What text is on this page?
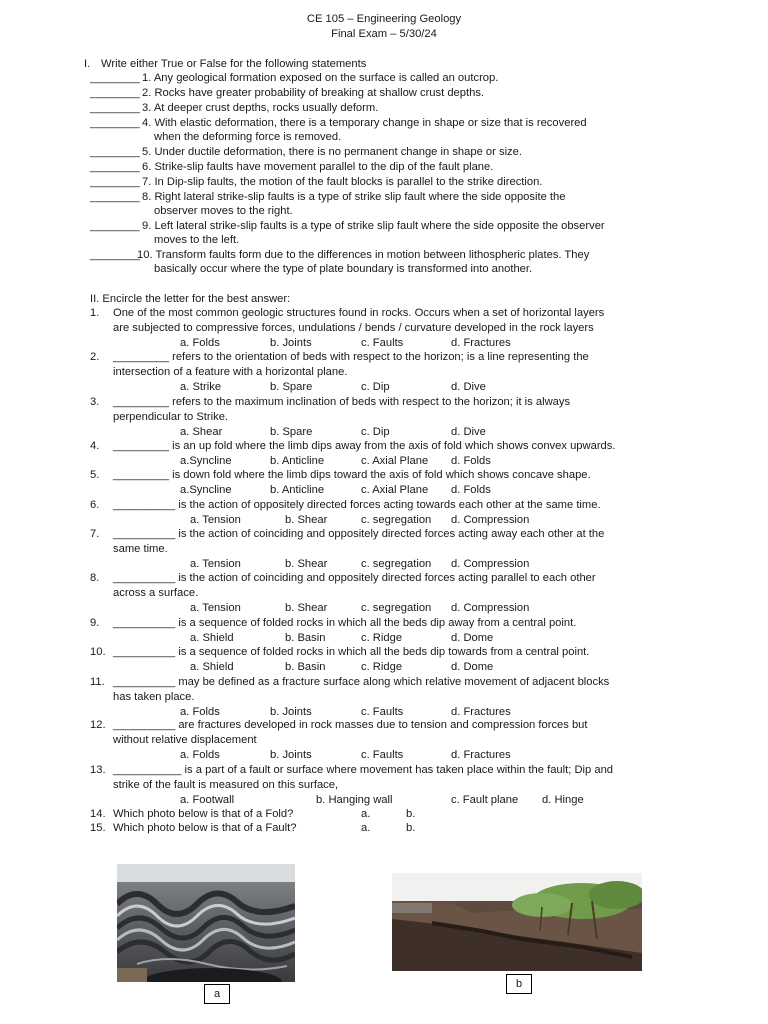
CE 105 – Engineering Geology
Final Exam – 5/30/24
I. Write either True or False for the following statements
________ 1. Any geological formation exposed on the surface is called an outcrop.
________ 2. Rocks have greater probability of breaking at shallow crust depths.
________ 3. At deeper crust depths, rocks usually deform.
________ 4. With elastic deformation, there is a temporary change in shape or size that is recovered
when the deforming force is removed.
________ 5. Under ductile deformation, there is no permanent change in shape or size.
________ 6. Strike-slip faults have movement parallel to the dip of the fault plane.
________ 7. In Dip-slip faults, the motion of the fault blocks is parallel to the strike direction.
________ 8. Right lateral strike-slip faults is a type of strike slip fault where the side opposite the
observer moves to the right.
________ 9. Left lateral strike-slip faults is a type of strike slip fault where the side opposite the observer
moves to the left.
________
10. Transform faults form due to the differences in motion between lithospheric plates. They
basically occur where the type of plate boundary is transformed into another.
II. Encircle the letter for the best answer:
1. One of the most common geologic structures found in rocks. Occurs when a set of horizontal layers
are subjected to compressive forces, undulations / bends / curvature developed in the rock layers
a. Folds	b. Joints	c. Faults	d. Fractures
2. _________ refers to the orientation of beds with respect to the horizon; is a line representing the
intersection of a feature with a horizontal plane.
a. Strike	b. Spare	c. Dip	d. Dive
3. _________ refers to the maximum inclination of beds with respect to the horizon; it is always
perpendicular to Strike.
a. Shear	b. Spare	c. Dip	d. Dive
4. _________ is an up fold where the limb dips away from the axis of fold which shows convex upwards.
a.Syncline	b. Anticline	c. Axial Plane d. Folds
5. _________ is down fold where the limb dips toward the axis of fold which shows concave shape.
a.Syncline	b. Anticline	c. Axial Plane d. Folds
6. __________ is the action of oppositely directed forces acting towards each other at the same time.
a. Tension	b. Shear	c. segregation d. Compression
7. __________ is the action of coinciding and oppositely directed forces acting away each other at the
same time.
a. Tension	b. Shear	c. segregation d. Compression
8. __________ is the action of coinciding and oppositely directed forces acting parallel to each other
across a surface.
a. Tension	b. Shear	c. segregation d. Compression
9. __________ is a sequence of folded rocks in which all the beds dip away from a central point.
a. Shield	b. Basin	c. Ridge	d. Dome
10. __________ is a sequence of folded rocks in which all the beds dip towards from a central point.
a. Shield	b. Basin	c. Ridge	d. Dome
11. __________ may be defined as a fracture surface along which relative movement of adjacent blocks
has taken place.
a. Folds	b. Joints	c. Faults	d. Fractures
12. __________ are fractures developed in rock masses due to tension and compression forces but
without relative displacement
a. Folds	b. Joints	c. Faults	d. Fractures
13. ___________ is a part of a fault or surface where movement has taken place within the fault; Dip and
strike of the fault is measured on this surface,
a. Footwall	b. Hanging wall	c. Fault plane d. Hinge
14. Which photo below is that of a Fold?	a.	b.
15. Which photo below is that of a Fault?	a.	b.
a
b
